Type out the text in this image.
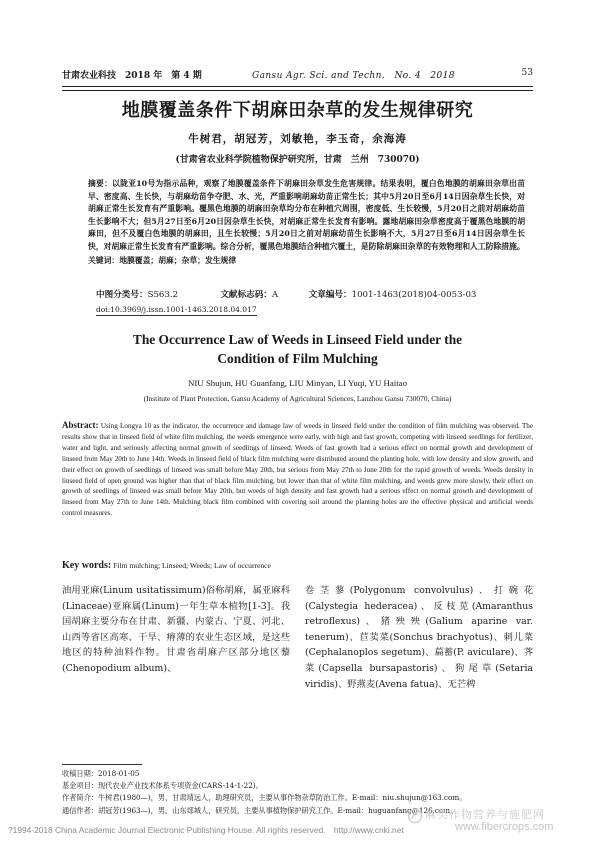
甘肃农业科技　 2018 年　第 4 期	Gansu Agr. Sci. and Techn.　No. 4　2018	53
地膜覆盖条件下胡麻田杂草的发生规律研究
牛树君，胡冠芳，刘敏艳，李玉奇，余海涛
(甘肃省农业科学院植物保护研究所，甘肃　兰州　730070)
摘要：以陇亚10号为指示品种，观察了地膜覆盖条件下胡麻田杂草发生危害规律。结果表明，覆白色地膜的胡麻田杂草出苗早、密度高、生长快，与胡麻幼苗争夺肥、水、光，严重影响胡麻幼苗正常生长；其中5月20日至6月14日因杂草生长快，对胡麻正常生长发育有严重影响。覆黑色地膜的胡麻田杂草均分布在种植穴周围，密度低、生长较慢，5月20日之前对胡麻幼苗生长影响不大；但5月27日至6月20日因杂草生长快，对胡麻正常生长发育有影响。露地胡麻田杂草密度高于覆黑色地膜的胡麻田，但不及覆白色地膜的胡麻田，且生长较慢；5月20日之前对胡麻幼苗生长影响不大，5月27日至6月14日因杂草生长快，对胡麻正常生长发育有严重影响。综合分析，覆黑色地膜结合种植穴覆土，是防除胡麻田杂草的有效物理和人工防除措施。
关键词：地膜覆盖；胡麻；杂草；发生规律
中图分类号：S563.2	文献标志码：A	文章编号：1001-1463(2018)04-0053-03
doi:10.3969/j.issn.1001-1463.2018.04.017
The Occurrence Law of Weeds in Linseed Field under the
Condition of Film Mulching
NIU Shujun, HU Guanfang, LIU Minyan, LI Yuqi, YU Haitao
(Institute of Plant Protection, Gansu Academy of Agricultural Sciences, Lanzhou Gansu 730070, China)
Abstract: Using Longya 10 as the indicator, the occurrence and damage law of weeds in linseed field under the condition of film mulching was observed. The results show that in linseed field of white film mulching, the weeds emergence were early, with high and fast growth, competing with linseed seedlings for fertilizer, water and light, and seriously affecting normal growth of seedlings of linseed. Weeds of fast growth had a serious effect on normal growth and development of linseed from May 20th to June 14th. Weeds in linseed field of black film mulching were distributed around the planting hole, with low density and slow growth, and their effect on growth of seedlings of linseed was small before May 20th, but serious from May 27th to June 20th for the rapid growth of weeds. Weeds density in linseed field of open ground was higher than that of black film mulching, but lower than that of white film mulching, and weeds grew more slowly, their effect on growth of seedlings of linseed was small before May 20th, but weeds of high density and fast growth had a serious effect on normal growth and development of linseed from May 27th to June 14th. Mulching black film combined with covering soil around the planting holes are the effective physical and artificial weeds control measures.
Key words: Film mulching; Linseed; Weeds; Law of occurrence
油用亚麻(Linum usitatissimum)俗称胡麻，属亚麻科(Linaceae)亚麻属(Linum)一年生草本植物[1-3]。我国胡麻主要分布在甘肃、新疆、内蒙古、宁夏、河北、山西等省区高寒、干旱、瘠薄的农业生态区域，是这些地区的特种油料作物。甘肃省胡麻产区部分地区藜(Chenopodium album)、
卷茎蓼(Polygonum convolvulus)、打碗花(Calystegia hederacea)、反枝苋(Amaranthus retroflexus)、猪殃殃(Galium aparine var. tenerum)、苣荬菜(Sonchus brachyotus)、刺儿菜(Cephalanoplos segetum)、萹蓄(P. aviculare)、荠菜(Capsella bursapastoris)、狗尾草(Setaria viridis)、野燕麦(Avena fatua)、无芒稗
收稿日期：2018-01-05
基金项目：现代农业产业技术体系专项资金(CARS-14-1-22)。
作者简介：牛树君(1980—)，男，甘肃靖远人，助理研究员，主要从事作物杂草防治工作。E-mail：niu.shujun@163.com。
通信作者：胡冠芳(1963—)，男，山东郯城人，研究员，主要从事植物保护研究工作。E-mail：huguanfang@126.com。
麻类作物营养与施肥网
www.fibercrops.com
?1994-2018 China Academic Journal Electronic Publishing House. All rights reserved.　http://www.cnki.net
